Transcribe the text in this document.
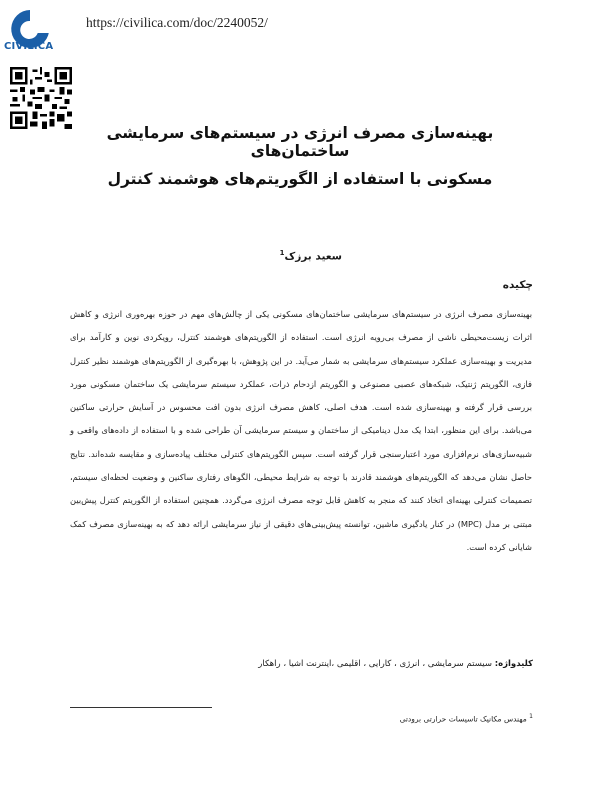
CIVILICA
https://civilica.com/doc/2240052/
بهینه‌سازی مصرف انرژی در سیستم‌های سرمایشی ساختمان‌های
مسکونی با استفاده از الگوریتم‌های هوشمند کنترل
سعید برزک$^1$
چکیده

بهینه‌سازی مصرف انرژی در سیستم‌های سرمایشی ساختمان‌های مسکونی یکی از چالش‌های مهم در حوزه بهره‌وری انرژی و کاهش اثرات زیست‌محیطی ناشی از مصرف بی‌رویه انرژی است. استفاده از الگوریتم‌های هوشمند کنترل، رویکردی نوین و کارآمد برای مدیریت و بهینه‌سازی عملکرد سیستم‌های سرمایشی به شمار می‌آید. در این پژوهش، با بهره‌گیری از الگوریتم‌های هوشمند نظیر کنترل فازی، الگوریتم ژنتیک، شبکه‌های عصبی مصنوعی و الگوریتم ازدحام ذرات، عملکرد سیستم سرمایشی یک ساختمان مسکونی مورد بررسی قرار گرفته و بهینه‌سازی شده است. هدف اصلی، کاهش مصرف انرژی بدون افت محسوس در آسایش حرارتی ساکنین می‌باشد. برای این منظور، ابتدا یک مدل دینامیکی از ساختمان و سیستم سرمایشی آن طراحی شده و با استفاده از داده‌های واقعی و شبیه‌سازی‌های نرم‌افزاری مورد اعتبارسنجی قرار گرفته است. سپس الگوریتم‌های کنترلی مختلف پیاده‌سازی و مقایسه شده‌اند. نتایج حاصل نشان می‌دهد که الگوریتم‌های هوشمند قادرند با توجه به شرایط محیطی، الگوهای رفتاری ساکنین و وضعیت لحظه‌ای سیستم، تصمیمات کنترلی بهینه‌ای اتخاذ کنند که منجر به کاهش قابل توجه مصرف انرژی می‌گردد. همچنین استفاده از الگوریتم کنترل پیش‌بین مبتنی بر مدل (MPC) در کنار یادگیری ماشین، توانسته پیش‌بینی‌های دقیقی از نیاز سرمایشی ارائه دهد که به بهینه‌سازی مصرف کمک شایانی کرده است.

کلیدواژه: سیستم سرمایشی ، انرژی ، کارایی ، اقلیمی ،اینترنت اشیا ، راهکار
$^1$ مهندس مکانیک تاسیسات حرارتی برودتی
